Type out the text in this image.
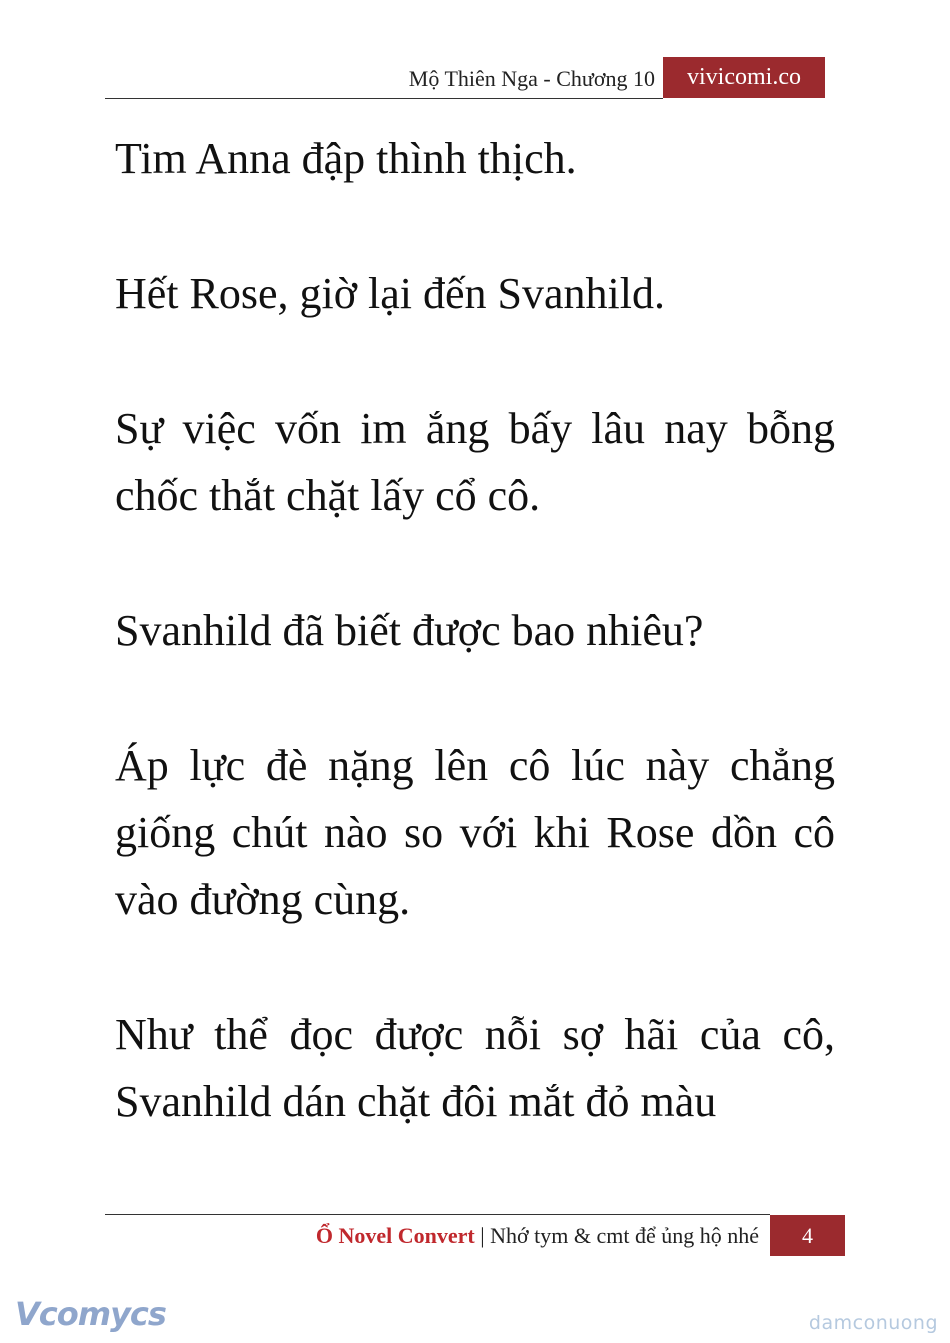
Mộ Thiên Nga - Chương 10	vivicomi.co

Tim Anna đập thình thịch.

Hết Rose, giờ lại đến Svanhild.

Sự việc vốn im ắng bấy lâu nay bỗng chốc thắt chặt lấy cổ cô.

Svanhild đã biết được bao nhiêu?

Áp lực đè nặng lên cô lúc này chẳng giống chút nào so với khi Rose dồn cô vào đường cùng.

Như thể đọc được nỗi sợ hãi của cô, Svanhild dán chặt đôi mắt đỏ màu

Ổ Novel Convert | Nhớ tym & cmt để ủng hộ nhé	4
Vcomycs	damconuong
